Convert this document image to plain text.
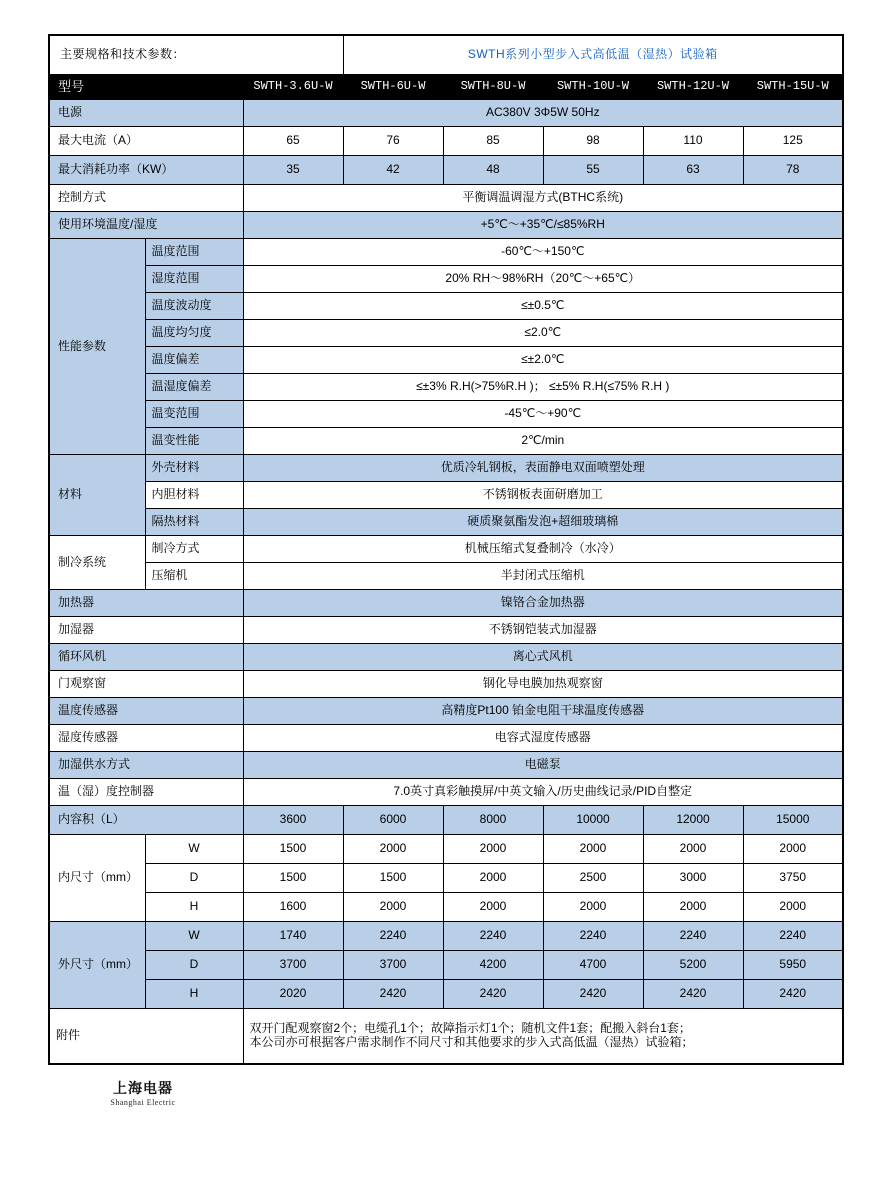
主要规格和技术参数：			SWTH系列小型步入式高低温（湿热）试验箱				
型号		SWTH-3.6U-W	SWTH-6U-W	SWTH-8U-W	SWTH-10U-W	SWTH-12U-W	SWTH-15U-W
电源		AC380V 3Φ5W 50Hz					
最大电流（A）		65	76	85	98	110	125
最大消耗功率（KW）		35	42	48	55	63	78
控制方式		平衡调温调湿方式(BTHC系统)					
使用环境温度/湿度		+5℃～+35℃/≤85%RH					
性能参数	温度范围	-60℃～+150℃					
	湿度范围	20% RH～98%RH（20℃～+65℃）					
	温度波动度	≤±0.5℃					
	温度均匀度	≤2.0℃					
	温度偏差	≤±2.0℃					
	温湿度偏差	≤±3% R.H(>75%R.H )； ≤±5% R.H(≤75% R.H )					
	温变范围	-45℃～+90℃					
	温变性能	2℃/min					
材料	外壳材料	优质冷轧钢板，表面静电双面喷塑处理					
	内胆材料	不锈钢板表面研磨加工					
	隔热材料	硬质聚氨酯发泡+超细玻璃棉					
制冷系统	制冷方式	机械压缩式复叠制冷（水冷）					
	压缩机	半封闭式压缩机					
加热器		镍铬合金加热器					
加湿器		不锈钢铠装式加湿器					
循环风机		离心式风机					
门观察窗		钢化导电膜加热观察窗					
温度传感器		高精度Pt100 铂金电阻干球温度传感器					
湿度传感器		电容式湿度传感器					
加湿供水方式		电磁泵					
温（湿）度控制器		7.0英寸真彩触摸屏/中英文输入/历史曲线记录/PID自整定					
内容积（L）		3600	6000	8000	10000	12000	15000
内尺寸（mm）	W	1500	2000	2000	2000	2000	2000
	D	1500	1500	2000	2500	3000	3750
	H	1600	2000	2000	2000	2000	2000
外尺寸（mm）	W	1740	2240	2240	2240	2240	2240
	D	3700	3700	4200	4700	5200	5950
	H	2020	2420	2420	2420	2420	2420
附件		双开门配观察窗2个；电缆孔1个；故障指示灯1个；随机文件1套；配搬入斜台1套；
本公司亦可根据客户需求制作不同尺寸和其他要求的步入式高低温（湿热）试验箱；					
上海电器
Shanghai Electric
